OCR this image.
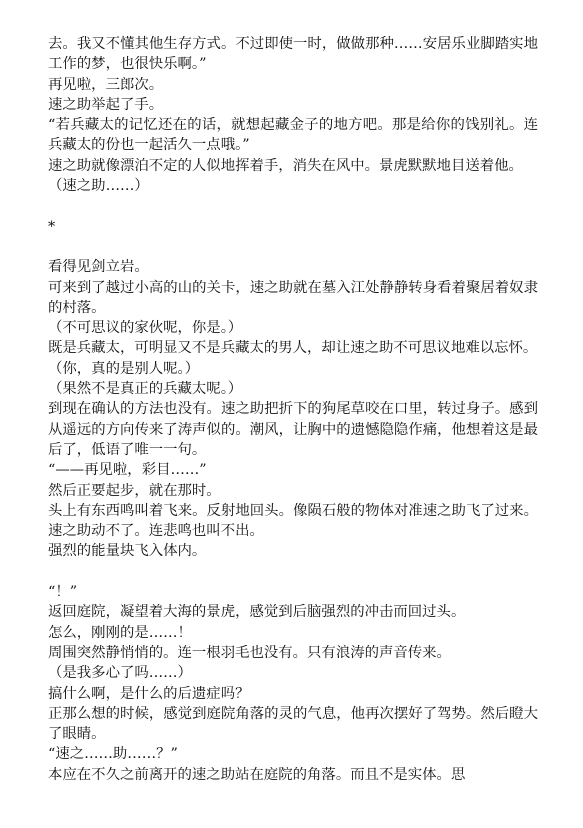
去。我又不懂其他生存方式。不过即使一时，做做那种……安居乐业脚踏实地工作的梦，也很快乐啊。”

再见啦，三郎次。

速之助举起了手。

“若兵藏太的记忆还在的话，就想起藏金子的地方吧。那是给你的饯别礼。连兵藏太的份也一起活久一点哦。”

速之助就像漂泊不定的人似地挥着手，消失在风中。景虎默默地目送着他。

（速之助……）

*

看得见剑立岩。

可来到了越过小高的山的关卡，速之助就在墓入江处静静转身看着聚居着奴隶的村落。

（不可思议的家伙呢，你是。）

既是兵藏太，可明显又不是兵藏太的男人，却让速之助不可思议地难以忘怀。

（你，真的是别人呢。）

（果然不是真正的兵藏太呢。）

到现在确认的方法也没有。速之助把折下的狗尾草咬在口里，转过身子。感到从遥远的方向传来了涛声似的。潮风，让胸中的遗憾隐隐作痛，他想着这是最后了，低语了唯一一句。

“——再见啦，彩目……”

然后正要起步，就在那时。

头上有东西鸣叫着飞来。反射地回头。像陨石般的物体对准速之助飞了过来。速之助动不了。连悲鸣也叫不出。

强烈的能量块飞入体内。

“！”

返回庭院，凝望着大海的景虎，感觉到后脑强烈的冲击而回过头。

怎么，刚刚的是……！

周围突然静悄悄的。连一根羽毛也没有。只有浪涛的声音传来。

（是我多心了吗……）

搞什么啊，是什么的后遗症吗？

正那么想的时候，感觉到庭院角落的灵的气息，他再次摆好了驾势。然后瞪大了眼睛。

“速之……助……？”

本应在不久之前离开的速之助站在庭院的角落。而且不是实体。思
